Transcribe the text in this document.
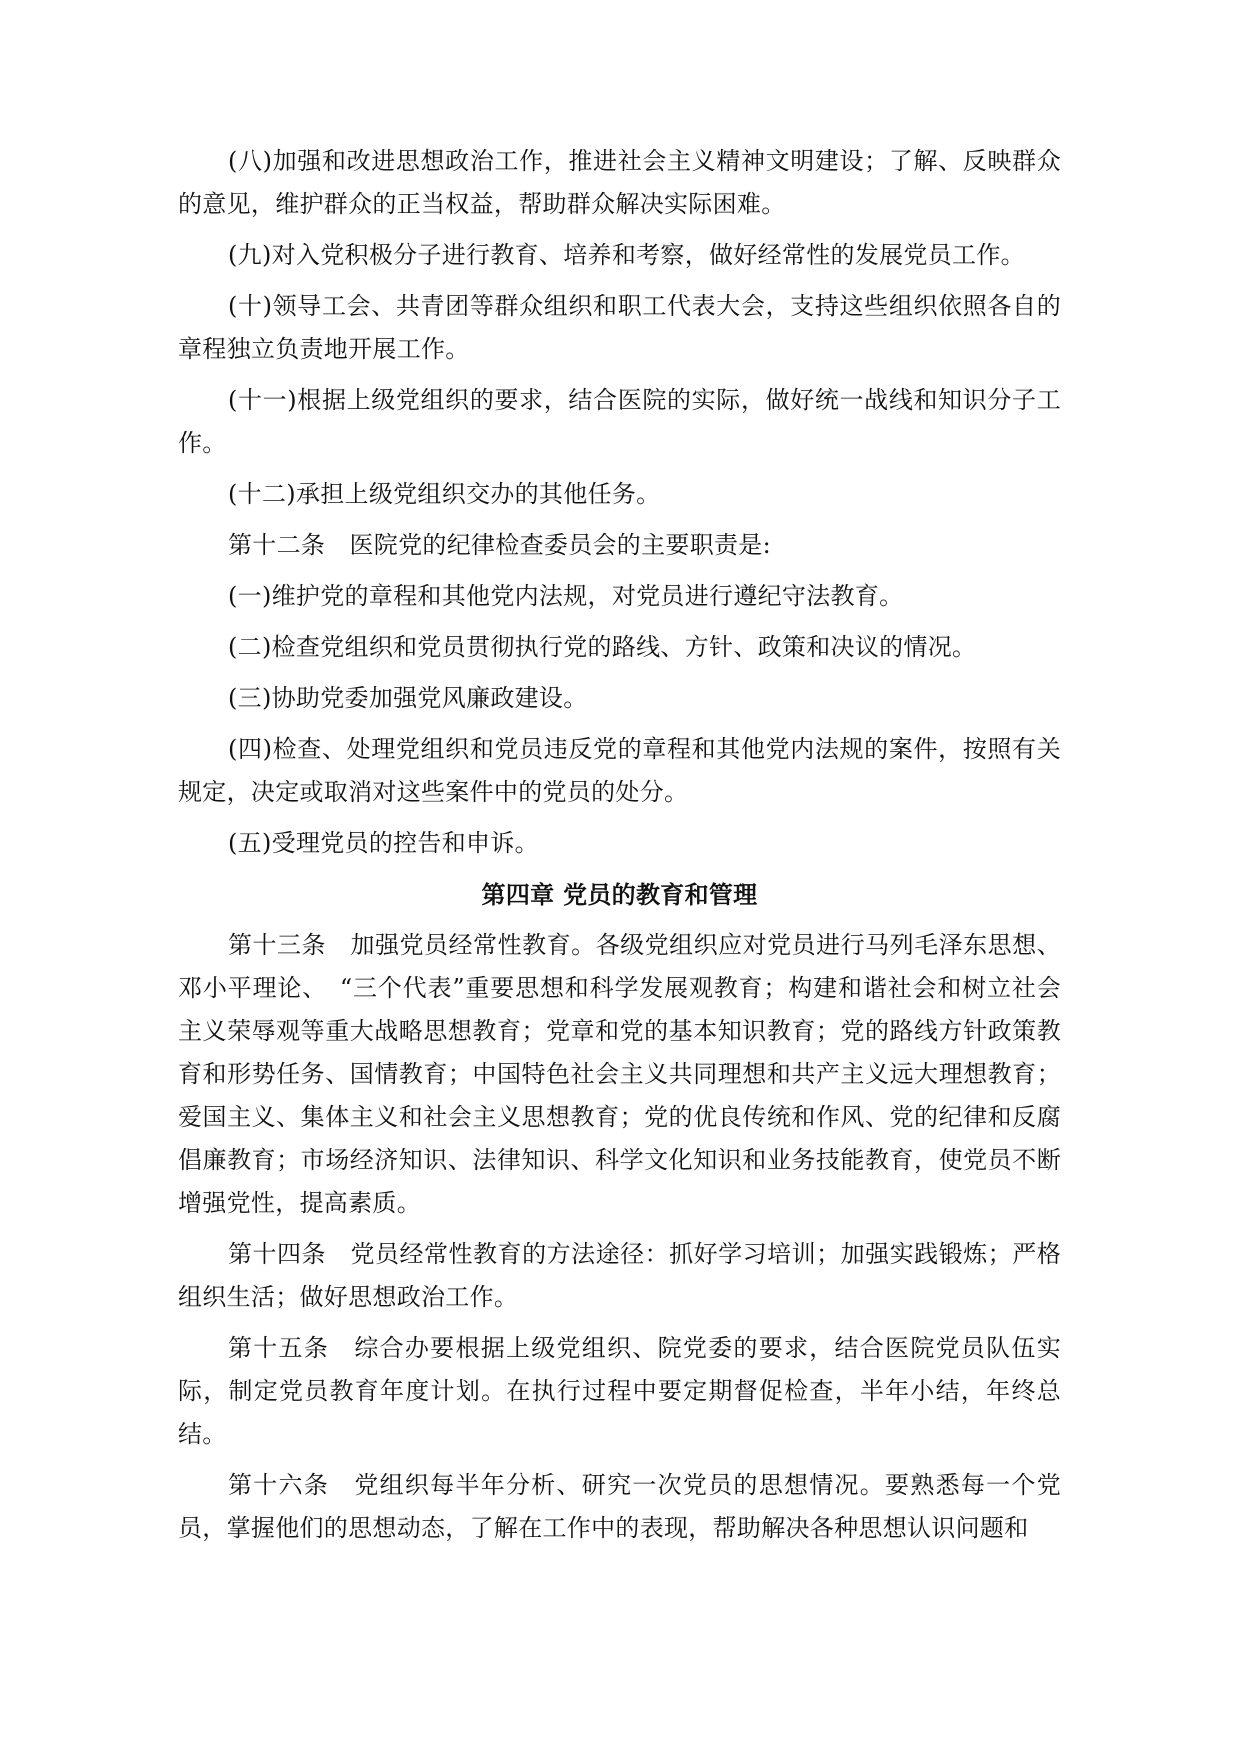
(八)加强和改进思想政治工作，推进社会主义精神文明建设；了解、反映群众的意见，维护群众的正当权益，帮助群众解决实际困难。

(九)对入党积极分子进行教育、培养和考察，做好经常性的发展党员工作。

(十)领导工会、共青团等群众组织和职工代表大会，支持这些组织依照各自的章程独立负责地开展工作。

(十一)根据上级党组织的要求，结合医院的实际，做好统一战线和知识分子工作。

(十二)承担上级党组织交办的其他任务。

第十二条　医院党的纪律检查委员会的主要职责是:

(一)维护党的章程和其他党内法规，对党员进行遵纪守法教育。

(二)检查党组织和党员贯彻执行党的路线、方针、政策和决议的情况。

(三)协助党委加强党风廉政建设。

(四)检查、处理党组织和党员违反党的章程和其他党内法规的案件，按照有关规定，决定或取消对这些案件中的党员的处分。

(五)受理党员的控告和申诉。

第四章 党员的教育和管理

第十三条　加强党员经常性教育。各级党组织应对党员进行马列毛泽东思想、邓小平理论、　“三个代表”重要思想和科学发展观教育；构建和谐社会和树立社会主义荣辱观等重大战略思想教育；党章和党的基本知识教育；党的路线方针政策教育和形势任务、国情教育；中国特色社会主义共同理想和共产主义远大理想教育；爱国主义、集体主义和社会主义思想教育；党的优良传统和作风、党的纪律和反腐倡廉教育；市场经济知识、法律知识、科学文化知识和业务技能教育，使党员不断增强党性，提高素质。

第十四条　党员经常性教育的方法途径：抓好学习培训；加强实践锻炼；严格组织生活；做好思想政治工作。

第十五条　综合办要根据上级党组织、院党委的要求，结合医院党员队伍实际，制定党员教育年度计划。在执行过程中要定期督促检查，半年小结，年终总结。

第十六条　党组织每半年分析、研究一次党员的思想情况。要熟悉每一个党员，掌握他们的思想动态，了解在工作中的表现，帮助解决各种思想认识问题和
